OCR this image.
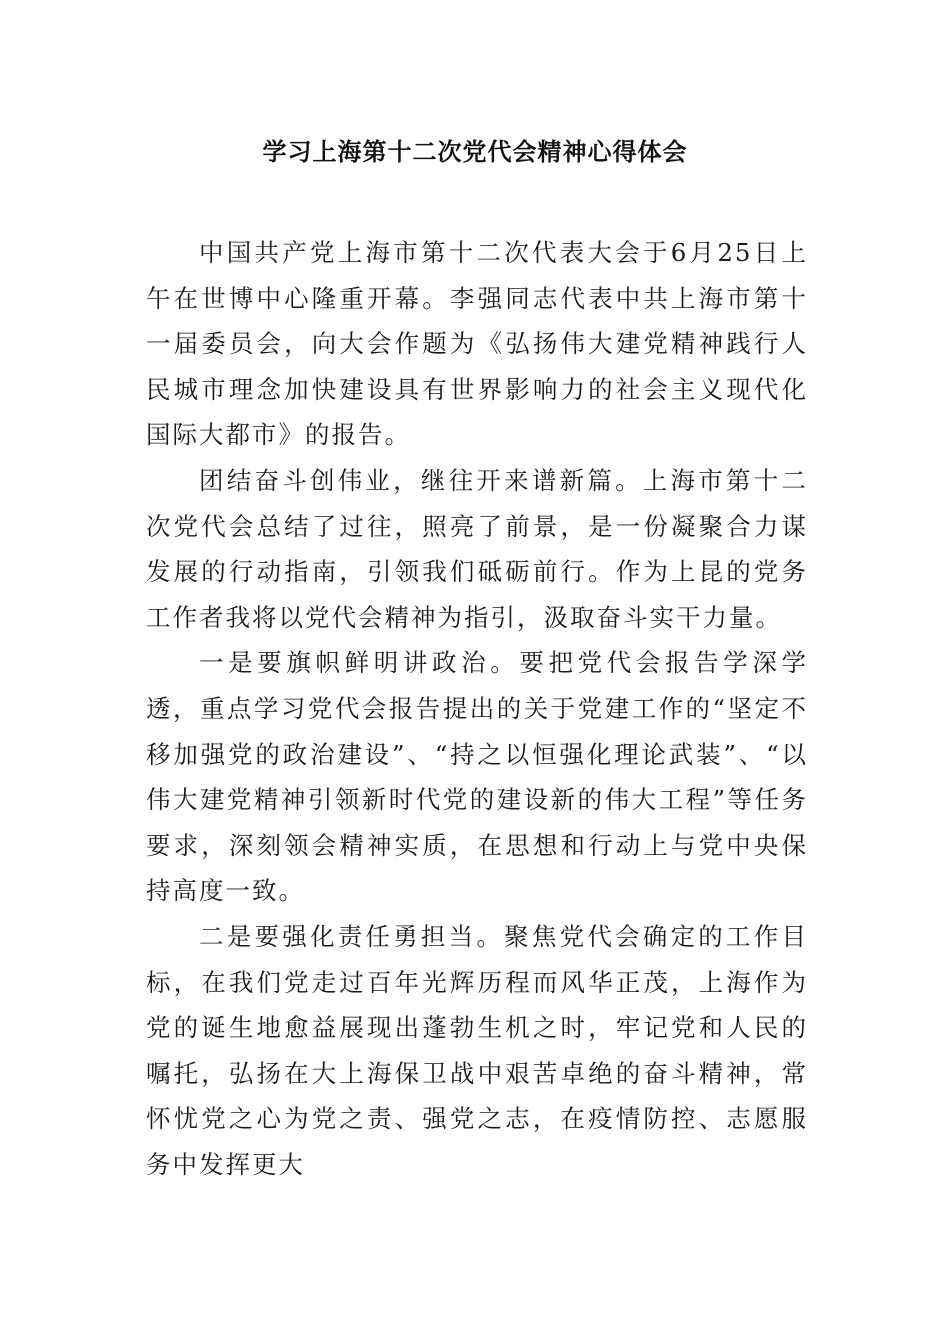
学习上海第十二次党代会精神心得体会

中国共产党上海市第十二次代表大会于6月25日上午在世博中心隆重开幕。李强同志代表中共上海市第十一届委员会，向大会作题为《弘扬伟大建党精神践行人民城市理念加快建设具有世界影响力的社会主义现代化国际大都市》的报告。

团结奋斗创伟业，继往开来谱新篇。上海市第十二次党代会总结了过往，照亮了前景，是一份凝聚合力谋发展的行动指南，引领我们砥砺前行。作为上昆的党务工作者我将以党代会精神为指引，汲取奋斗实干力量。

一是要旗帜鲜明讲政治。要把党代会报告学深学透，重点学习党代会报告提出的关于党建工作的“坚定不移加强党的政治建设”、“持之以恒强化理论武装”、“以伟大建党精神引领新时代党的建设新的伟大工程”等任务要求，深刻领会精神实质，在思想和行动上与党中央保持高度一致。

二是要强化责任勇担当。聚焦党代会确定的工作目标，在我们党走过百年光辉历程而风华正茂，上海作为党的诞生地愈益展现出蓬勃生机之时，牢记党和人民的嘱托，弘扬在大上海保卫战中艰苦卓绝的奋斗精神，常怀忧党之心为党之责、强党之志，在疫情防控、志愿服务中发挥更大
